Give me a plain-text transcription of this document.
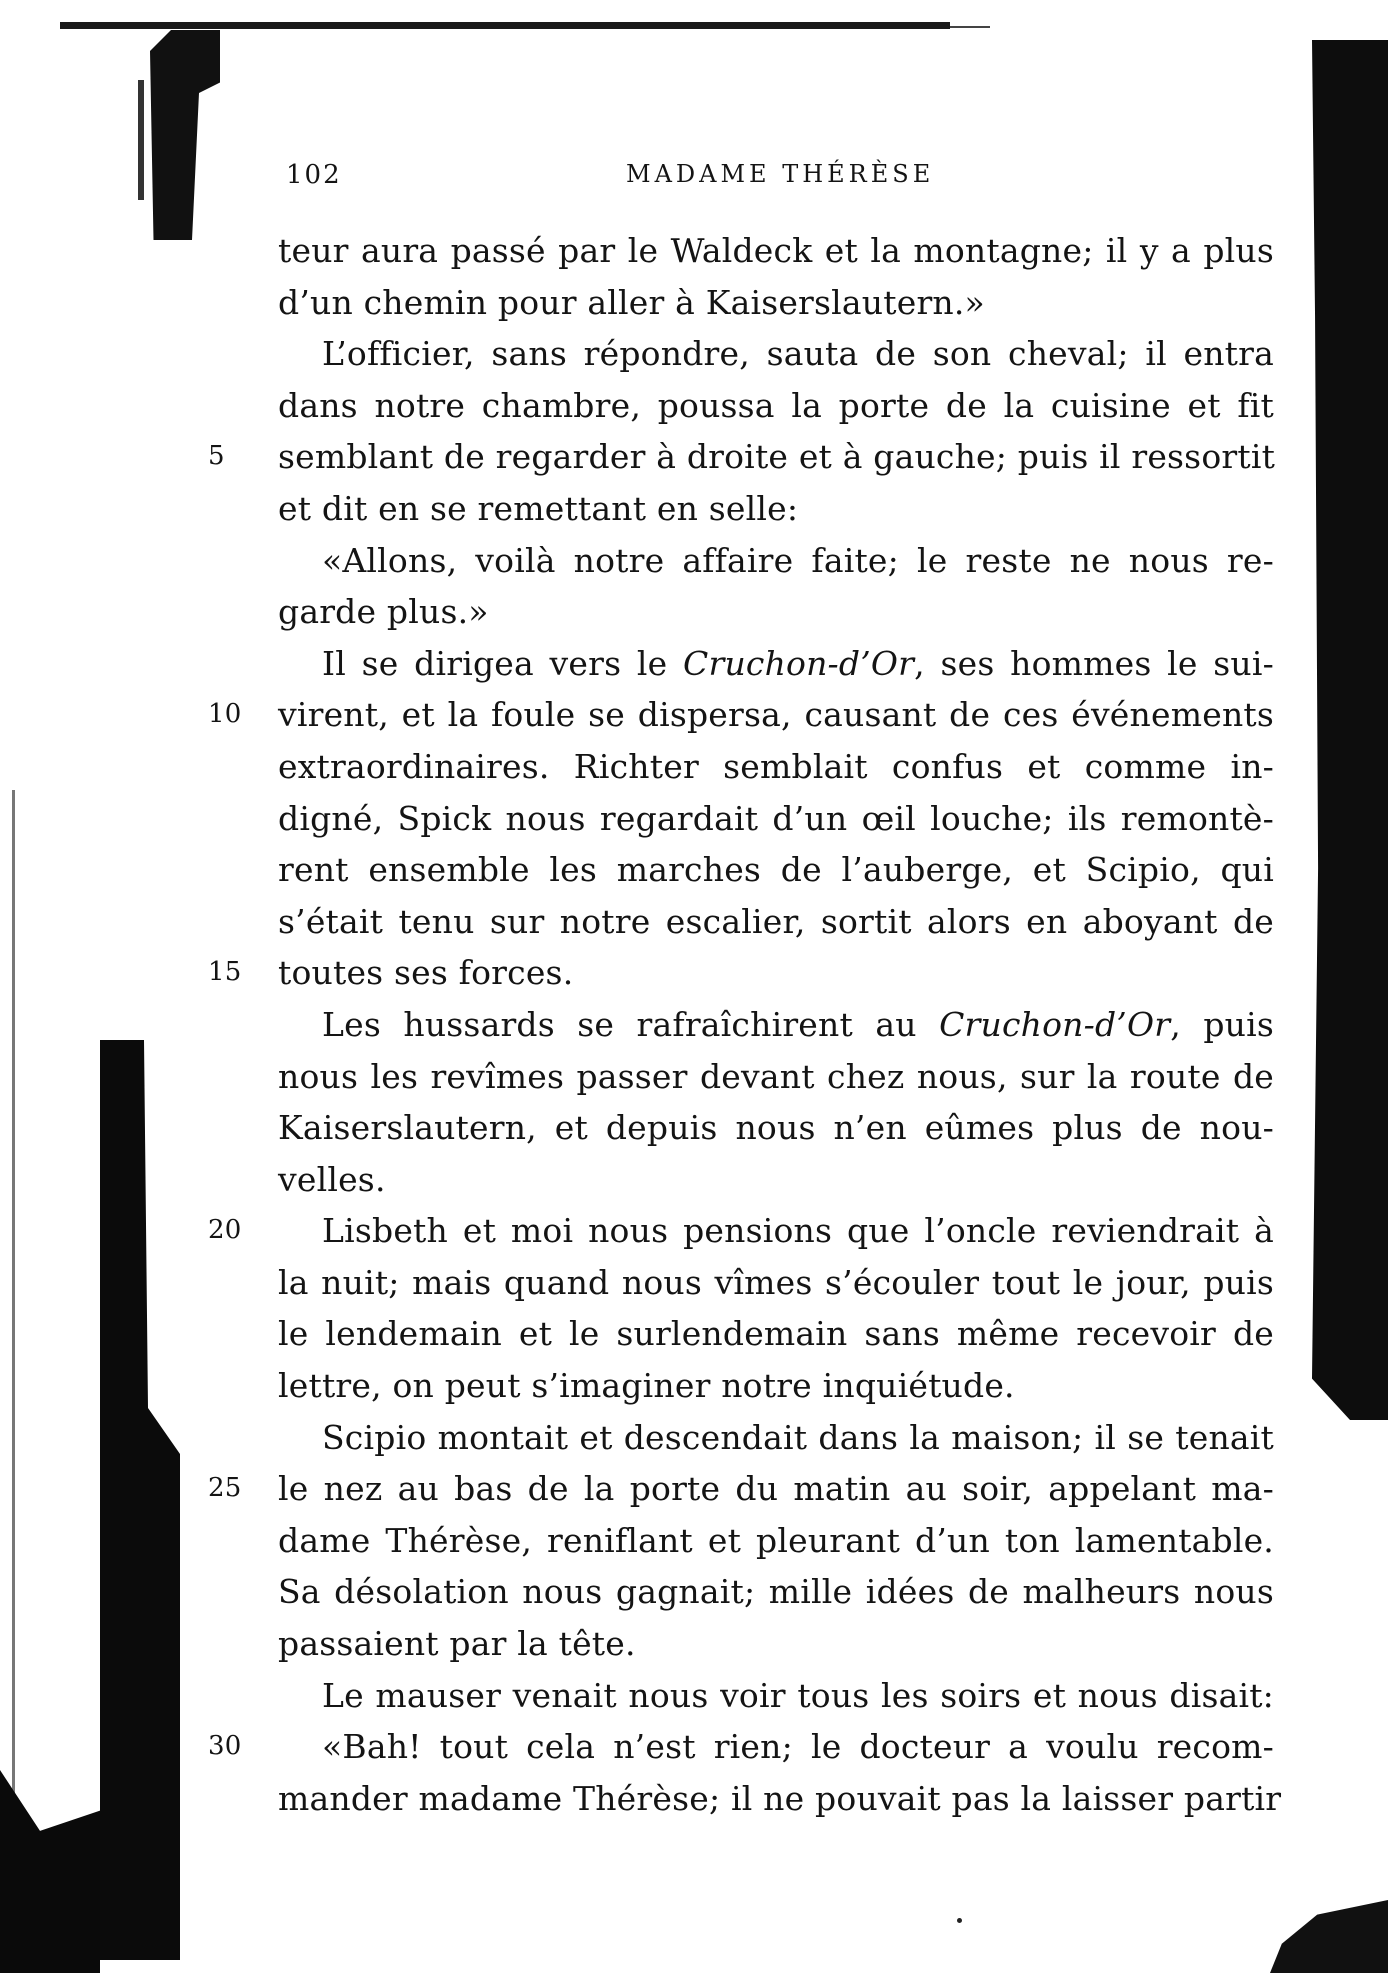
102	MADAME THÉRÈSE
teur aura passé par le Waldeck et la montagne; il y a plus
d’un chemin pour aller à Kaiserslautern.»
L’officier, sans répondre, sauta de son cheval; il entra
dans notre chambre, poussa la porte de la cuisine et fit
5	semblant de regarder à droite et à gauche; puis il ressortit
et dit en se remettant en selle:
«Allons, voilà notre affaire faite; le reste ne nous re-
garde plus.»
Il se dirigea vers le Cruchon-d’Or, ses hommes le sui-
10	virent, et la foule se dispersa, causant de ces événements
extraordinaires. Richter semblait confus et comme in-
digné, Spick nous regardait d’un œil louche; ils remontè-
rent ensemble les marches de l’auberge, et Scipio, qui
s’était tenu sur notre escalier, sortit alors en aboyant de
15	toutes ses forces.
Les hussards se rafraîchirent au Cruchon-d’Or, puis
nous les revîmes passer devant chez nous, sur la route de
Kaiserslautern, et depuis nous n’en eûmes plus de nou-
velles.
20	Lisbeth et moi nous pensions que l’oncle reviendrait à
la nuit; mais quand nous vîmes s’écouler tout le jour, puis
le lendemain et le surlendemain sans même recevoir de
lettre, on peut s’imaginer notre inquiétude.
Scipio montait et descendait dans la maison; il se tenait
25	le nez au bas de la porte du matin au soir, appelant ma-
dame Thérèse, reniflant et pleurant d’un ton lamentable.
Sa désolation nous gagnait; mille idées de malheurs nous
passaient par la tête.
Le mauser venait nous voir tous les soirs et nous disait:
30	«Bah! tout cela n’est rien; le docteur a voulu recom-
mander madame Thérèse; il ne pouvait pas la laisser partir
